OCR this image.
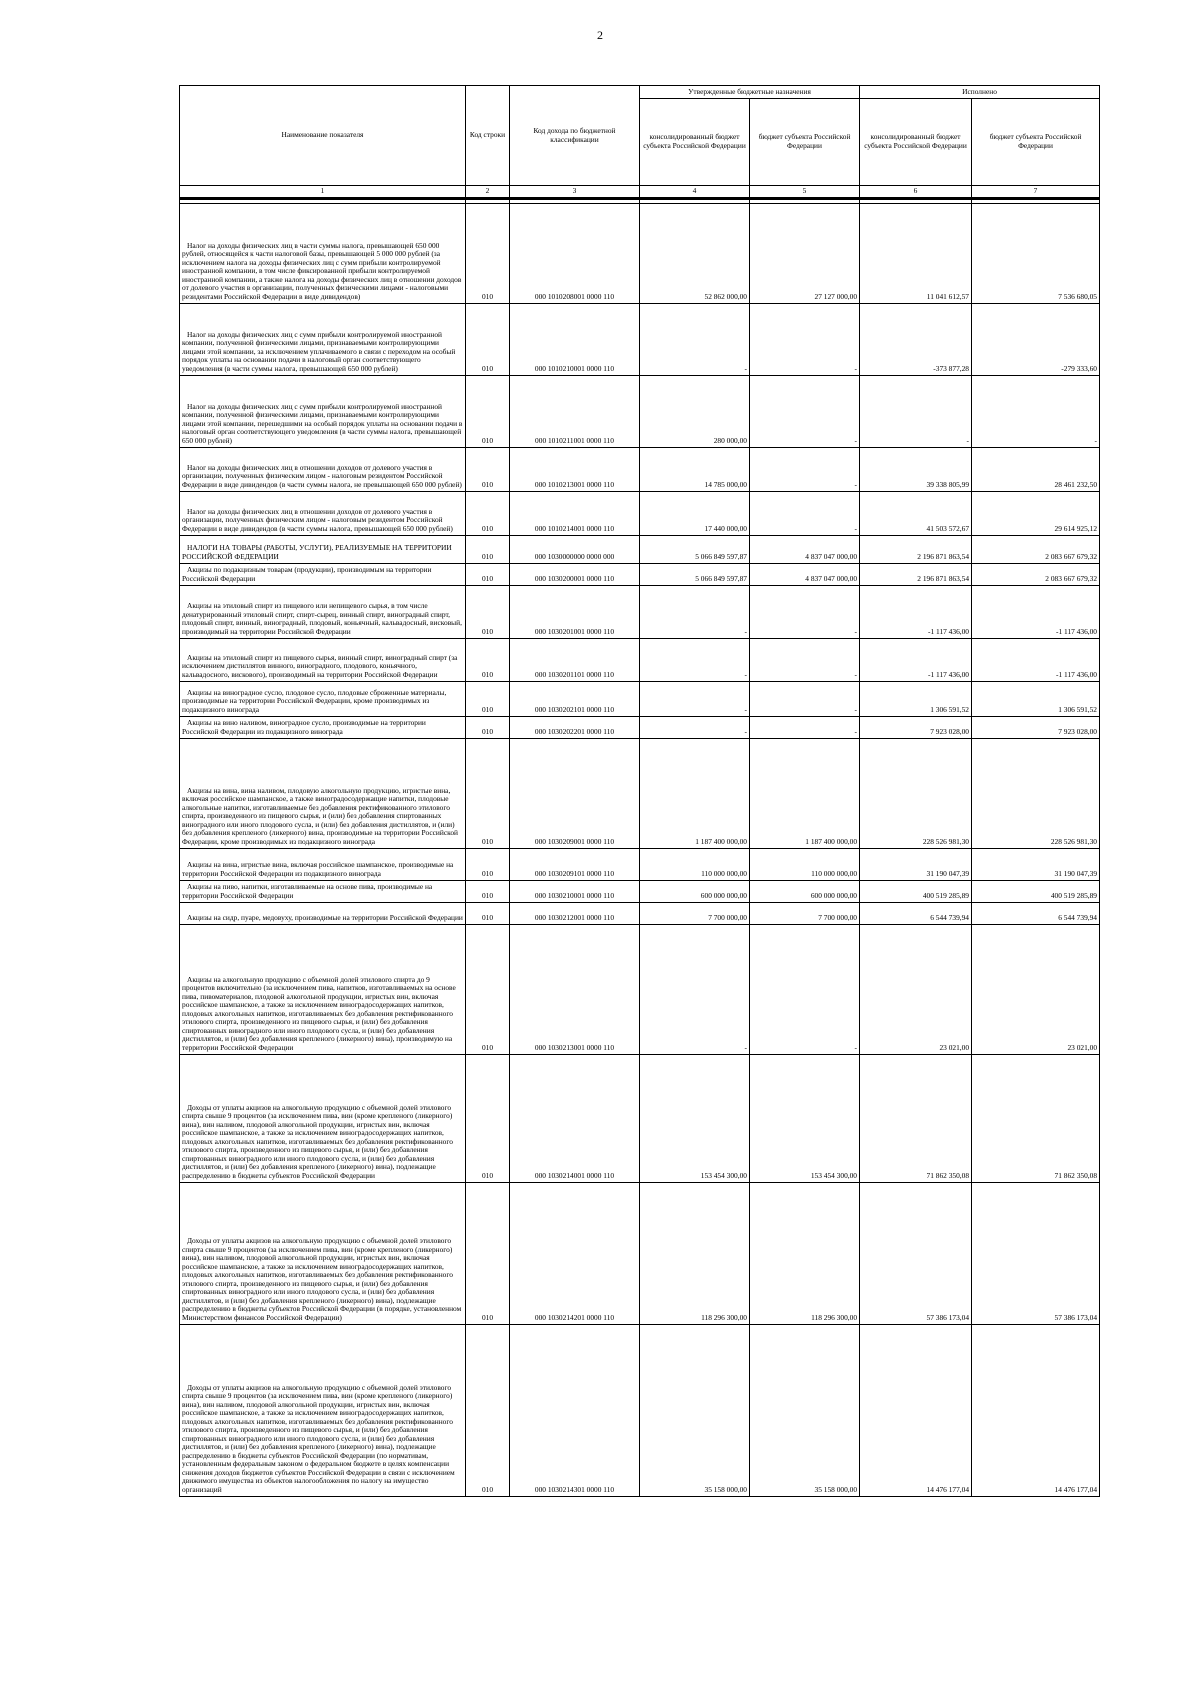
2
Наименование показателя	Код строки	Код дохода по бюджетной классификации	Утвержденные бюджетные назначения		Исполнено	
			консолидированный бюджет субъекта Российской Федерации	бюджет субъекта Российской Федерации	консолидированный бюджет субъекта Российской Федерации	бюджет субъекта Российской Федерации
1	2	3	4	5	6	7

Налог на доходы физических лиц в части суммы налога, превышающей 650 000 рублей, относящейся к части налоговой базы, превышающей 5 000 000 рублей (за исключением налога на доходы физических лиц с сумм прибыли контролируемой иностранной компании, в том числе фиксированной прибыли контролируемой иностранной компании, а также налога на доходы физических лиц в отношении доходов от долевого участия в организации, полученных физическими лицами - налоговыми резидентами Российской Федерации в виде дивидендов)	010	000 1010208001 0000 110	52 862 000,00	27 127 000,00	11 041 612,57	7 536 680,05

Налог на доходы физических лиц с сумм прибыли контролируемой иностранной компании, полученной физическими лицами, признаваемыми контролирующими лицами этой компании, за исключением уплачиваемого в связи с переходом на особый порядок уплаты на основании подачи в налоговый орган соответствующего уведомления (в части суммы налога, превышающей 650 000 рублей)	010	000 1010210001 0000 110	-	-	-373 877,28	-279 333,60

Налог на доходы физических лиц с сумм прибыли контролируемой иностранной компании, полученной физическими лицами, признаваемыми контролирующими лицами этой компании, перешедшими на особый порядок уплаты на основании подачи в налоговый орган соответствующего уведомления (в части суммы налога, превышающей 650 000 рублей)	010	000 1010211001 0000 110	280 000,00	-	-	-

Налог на доходы физических лиц в отношении доходов от долевого участия в организации, полученных физическим лицом - налоговым резидентом Российской Федерации в виде дивидендов (в части суммы налога, не превышающей 650 000 рублей)	010	000 1010213001 0000 110	14 785 000,00	-	39 338 805,99	28 461 232,50

Налог на доходы физических лиц в отношении доходов от долевого участия в организации, полученных физическим лицом - налоговым резидентом Российской Федерации в виде дивидендов (в части суммы налога, превышающей 650 000 рублей)	010	000 1010214001 0000 110	17 440 000,00	-	41 503 572,67	29 614 925,12

НАЛОГИ НА ТОВАРЫ (РАБОТЫ, УСЛУГИ), РЕАЛИЗУЕМЫЕ НА ТЕРРИТОРИИ РОССИЙСКОЙ ФЕДЕРАЦИИ	010	000 1030000000 0000 000	5 066 849 597,87	4 837 047 000,00	2 196 871 863,54	2 083 667 679,32

Акцизы по подакцизным товарам (продукции), производимым на территории Российской Федерации	010	000 1030200001 0000 110	5 066 849 597,87	4 837 047 000,00	2 196 871 863,54	2 083 667 679,32

Акцизы на этиловый спирт из пищевого или непищевого сырья, в том числе денатурированный этиловый спирт, спирт-сырец, винный спирт, виноградный спирт, плодовый спирт, винный, виноградный, плодовый, коньячный, кальвадосный, висковый, производимый на территории Российской Федерации	010	000 1030201001 0000 110	-	-	-1 117 436,00	-1 117 436,00

Акцизы на этиловый спирт из пищевого сырья, винный спирт, виноградный спирт (за исключением дистиллятов винного, виноградного, плодового, коньячного, кальвадосного, вискового), производимый на территории Российской Федерации	010	000 1030201101 0000 110	-	-	-1 117 436,00	-1 117 436,00

Акцизы на виноградное сусло, плодовое сусло, плодовые сброженные материалы, производимые на территории Российской Федерации, кроме производимых из подакцизного винограда	010	000 1030202101 0000 110	-	-	1 306 591,52	1 306 591,52

Акцизы на вино наливом, виноградное сусло, производимые на территории Российской Федерации из подакцизного винограда	010	000 1030202201 0000 110	-	-	7 923 028,00	7 923 028,00

Акцизы на вина, вина наливом, плодовую алкогольную продукцию, игристые вина, включая российское шампанское, а также виноградосодержащие напитки, плодовые алкогольные напитки, изготавливаемые без добавления ректификованного этилового спирта, произведенного из пищевого сырья, и (или) без добавления спиртованных виноградного или иного плодового сусла, и (или) без добавления дистиллятов, и (или) без добавления крепленого (ликерного) вина, производимые на территории Российской Федерации, кроме производимых из подакцизного винограда	010	000 1030209001 0000 110	1 187 400 000,00	1 187 400 000,00	228 526 981,30	228 526 981,30

Акцизы на вина, игристые вина, включая российское шампанское, производимые на территории Российской Федерации из подакцизного винограда	010	000 1030209101 0000 110	110 000 000,00	110 000 000,00	31 190 047,39	31 190 047,39

Акцизы на пиво, напитки, изготавливаемые на основе пива, производимые на территории Российской Федерации	010	000 1030210001 0000 110	600 000 000,00	600 000 000,00	400 519 285,89	400 519 285,89

Акцизы на сидр, пуаре, медовуху, производимые на территории Российской Федерации	010	000 1030212001 0000 110	7 700 000,00	7 700 000,00	6 544 739,94	6 544 739,94

Акцизы на алкогольную продукцию с объемной долей этилового спирта до 9 процентов включительно (за исключением пива, напитков, изготавливаемых на основе пива, пивоматериалов, плодовой алкогольной продукции, игристых вин, включая российское шампанское, а также за исключением виноградосодержащих напитков, плодовых алкогольных напитков, изготавливаемых без добавления ректификованного этилового спирта, произведенного из пищевого сырья, и (или) без добавления спиртованных виноградного или иного плодового сусла, и (или) без добавления дистиллятов, и (или) без добавления крепленого (ликерного) вина), производимую на территории Российской Федерации	010	000 1030213001 0000 110	-	-	23 021,00	23 021,00

Доходы от уплаты акцизов на алкогольную продукцию с объемной долей этилового спирта свыше 9 процентов (за исключением пива, вин (кроме крепленого (ликерного) вина), вин наливом, плодовой алкогольной продукции, игристых вин, включая российское шампанское, а также за исключением виноградосодержащих напитков, плодовых алкогольных напитков, изготавливаемых без добавления ректификованного этилового спирта, произведенного из пищевого сырья, и (или) без добавления спиртованных виноградного или иного плодового сусла, и (или) без добавления дистиллятов, и (или) без добавления крепленого (ликерного) вина), подлежащие распределению в бюджеты субъектов Российской Федерации	010	000 1030214001 0000 110	153 454 300,00	153 454 300,00	71 862 350,08	71 862 350,08

Доходы от уплаты акцизов на алкогольную продукцию с объемной долей этилового спирта свыше 9 процентов (за исключением пива, вин (кроме крепленого (ликерного) вина), вин наливом, плодовой алкогольной продукции, игристых вин, включая российское шампанское, а также за исключением виноградосодержащих напитков, плодовых алкогольных напитков, изготавливаемых без добавления ректификованного этилового спирта, произведенного из пищевого сырья, и (или) без добавления спиртованных виноградного или иного плодового сусла, и (или) без добавления дистиллятов, и (или) без добавления крепленого (ликерного) вина), подлежащие распределению в бюджеты субъектов Российской Федерации (в порядке, установленном Министерством финансов Российской Федерации)	010	000 1030214201 0000 110	118 296 300,00	118 296 300,00	57 386 173,04	57 386 173,04

Доходы от уплаты акцизов на алкогольную продукцию с объемной долей этилового спирта свыше 9 процентов (за исключением пива, вин (кроме крепленого (ликерного) вина), вин наливом, плодовой алкогольной продукции, игристых вин, включая российское шампанское, а также за исключением виноградосодержащих напитков, плодовых алкогольных напитков, изготавливаемых без добавления ректификованного этилового спирта, произведенного из пищевого сырья, и (или) без добавления спиртованных виноградного или иного плодового сусла, и (или) без добавления дистиллятов, и (или) без добавления крепленого (ликерного) вина), подлежащие распределению в бюджеты субъектов Российской Федерации (по нормативам, установленным федеральным законом о федеральном бюджете в целях компенсации снижения доходов бюджетов субъектов Российской Федерации в связи с исключением движимого имущества из объектов налогообложения по налогу на имущество организаций	010	000 1030214301 0000 110	35 158 000,00	35 158 000,00	14 476 177,04	14 476 177,04
